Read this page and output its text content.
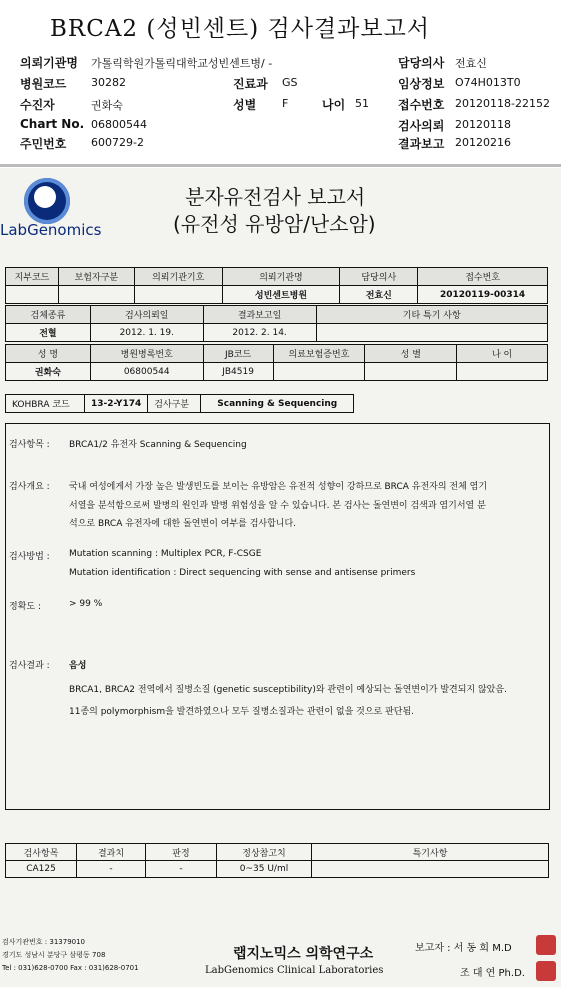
BRCA2 (성빈센트) 검사결과보고서
의뢰기관명 가톨릭학원가톨릭대학교성빈센트병/ -	담당의사 전효신
병원코드 30282	진료과 GS	임상정보 O74H013T0
수진자	권화숙	성별 F	나이 51 접수번호 20120118-22152
Chart No. 06800544	검사의뢰 20120118
주민번호 600729-2	결과보고 20120216
LabGenomics
분자유전검사 보고서
(유전성 유방암/난소암)
지부코드	보험자구분	의뢰기관기호	의뢰기관명	담당의사	접수번호
			성빈센트병원	전효신	20120119-00314
검체종류	검사의뢰일	결과보고일	기타 특기 사항
전혈	2012. 1. 19.	2012. 2. 14.	
성 명	병원병록번호	JB코드	의료보험증번호	성 별	나 이
권화숙	06800544	JB4519			
KOHBRA 코드	13-2-Y174	검사구분	Scanning & Sequencing
검사항목 : BRCA1/2 유전자 Scanning & Sequencing
검사개요 : 국내 여성에게서 가장 높은 발생빈도를 보이는 유방암은 유전적 성향이 강하므로 BRCA 유전자의 전체 염기
서열을 분석함으로써 발병의 원인과 발병 위험성을 알 수 있습니다. 본 검사는 돌연변이 검색과 염기서열 분
석으로 BRCA 유전자에 대한 돌연변이 여부를 검사합니다.
검사방법 : Mutation scanning : Multiplex PCR, F-CSGE
Mutation identification : Direct sequencing with sense and antisense primers
정확도 :	> 99 %
검사결과 : 음성
BRCA1, BRCA2 전역에서 질병소질 (genetic susceptibility)와 관련이 예상되는 돌연변이가 발견되지 않았음.
11종의 polymorphism을 발견하였으나 모두 질병소질과는 관련이 없을 것으로 판단됨.
검사항목	결과치	판정	정상참고치	특기사항
CA125	-	-	0~35 U/ml	
검사기관번호 : 31379010
경기도 성남시 분당구 삼평동 708
Tel : 031)628-0700 Fax : 031)628-0701
랩지노믹스 의학연구소
LabGenomics Clinical Laboratories
보고자 : 서 동 희 M.D
조 대 연 Ph.D.
